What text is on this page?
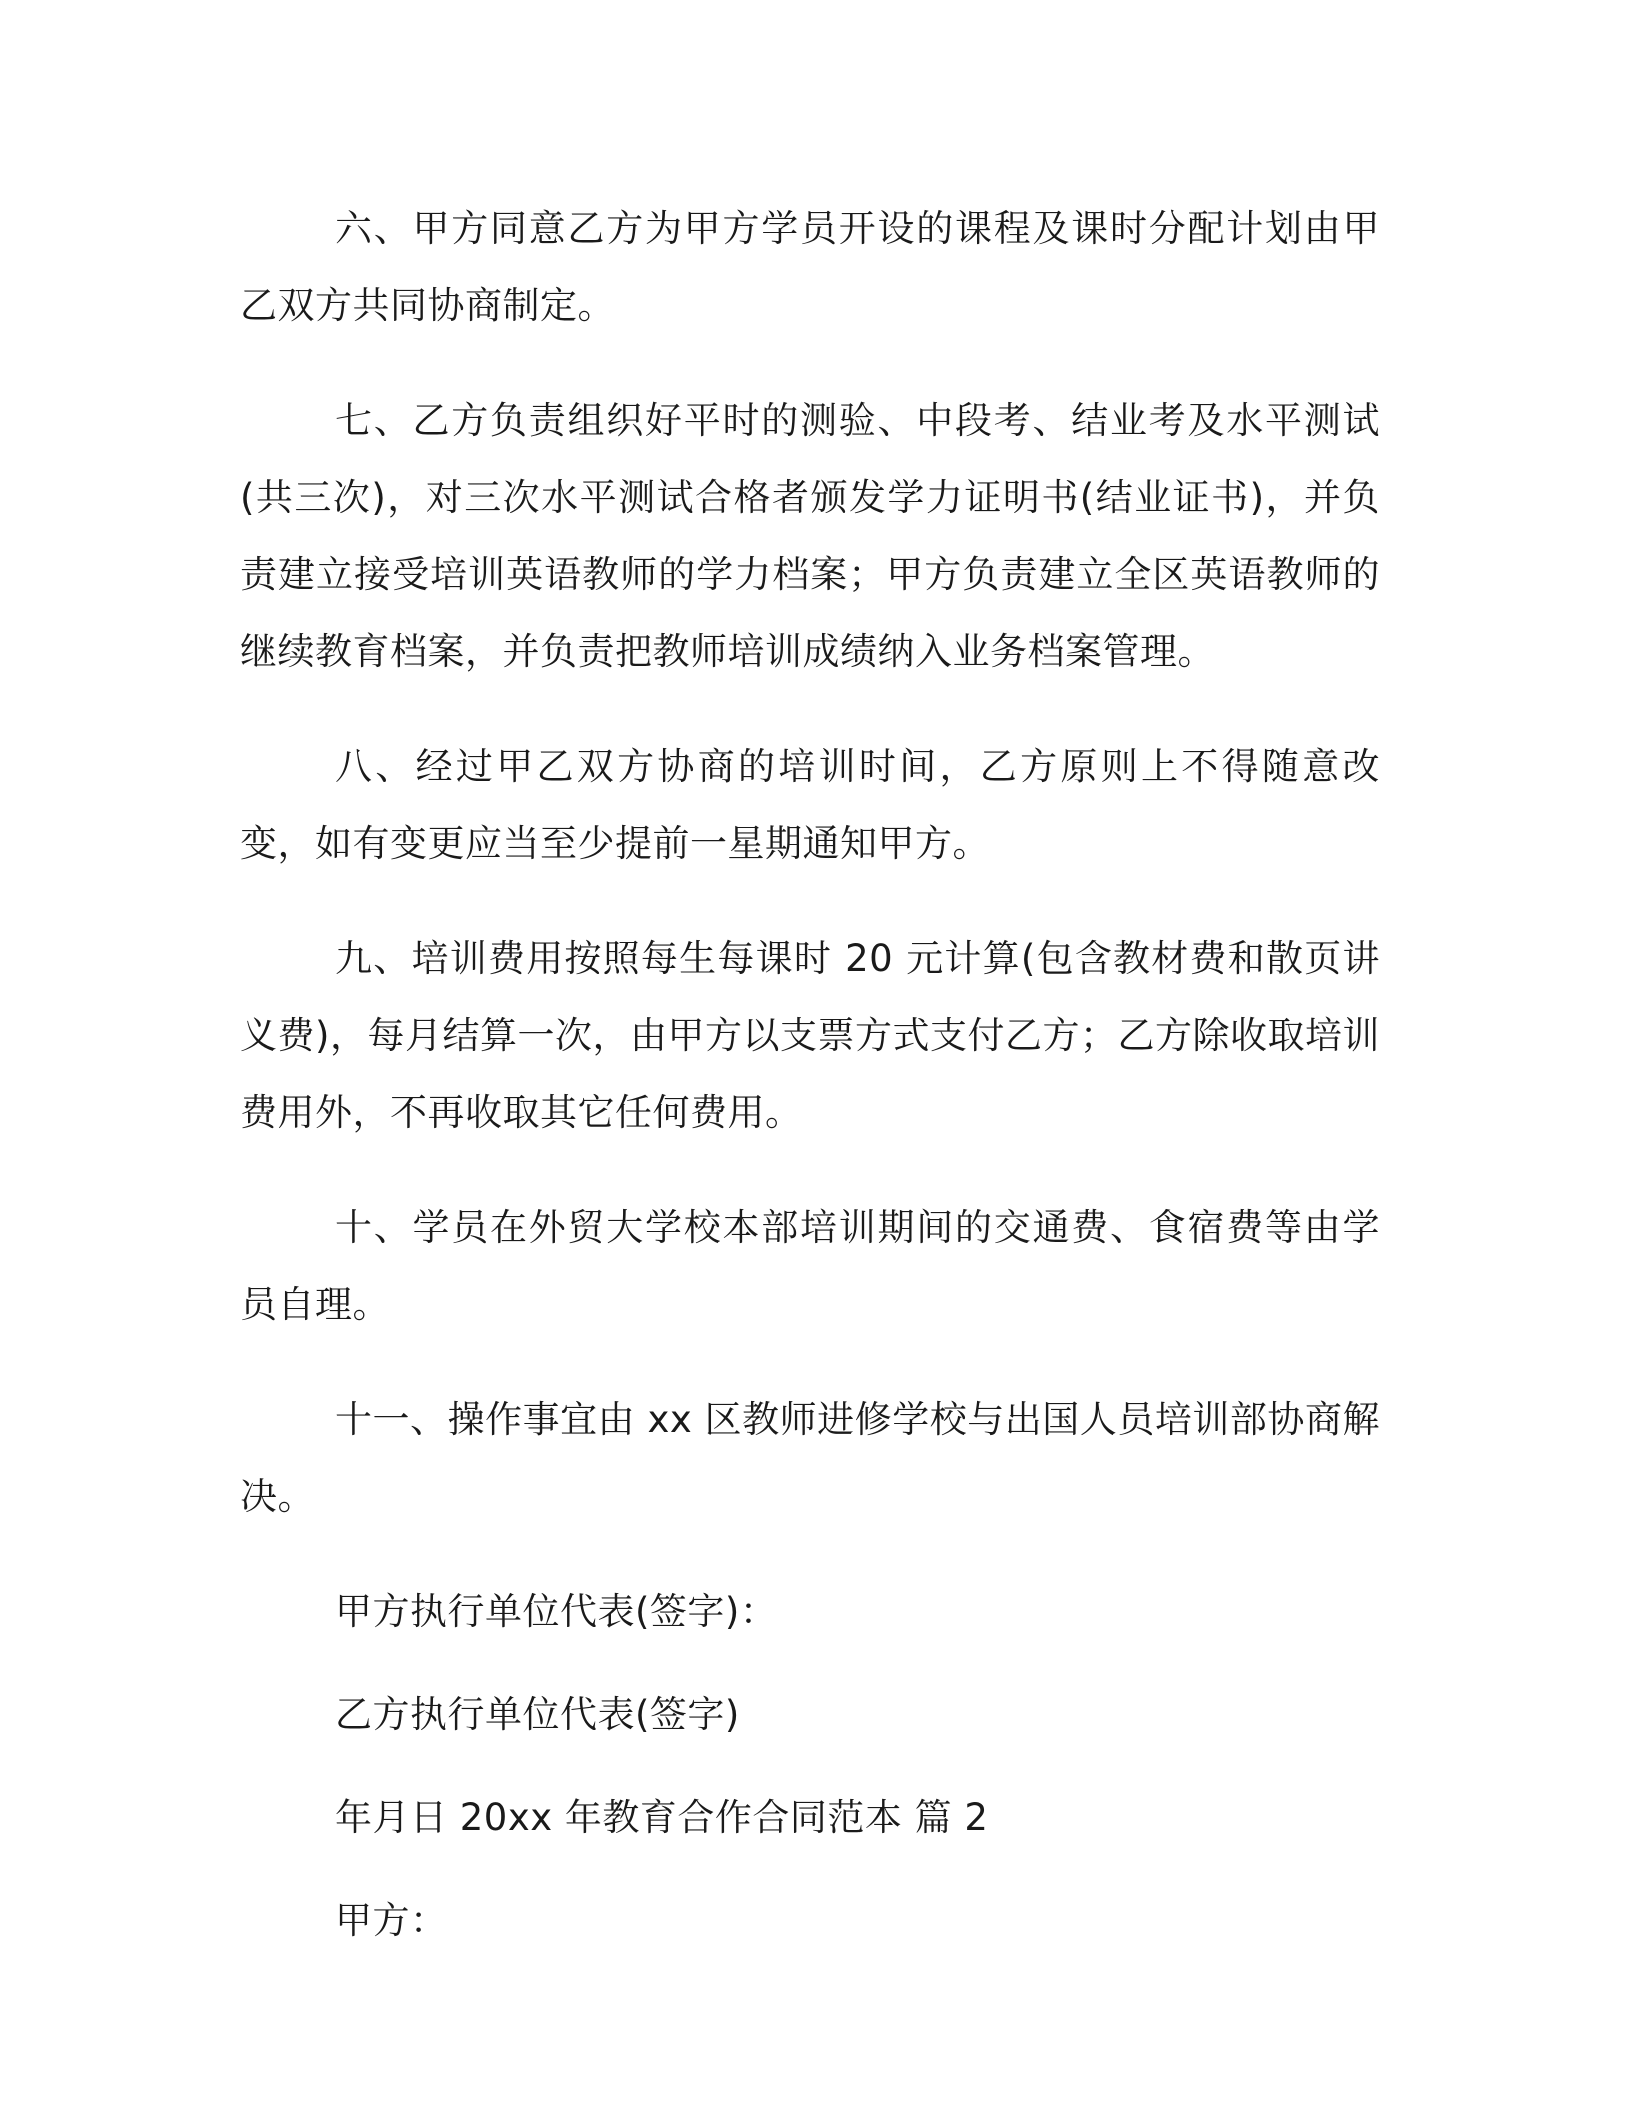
六、甲方同意乙方为甲方学员开设的课程及课时分配计划由甲乙双方共同协商制定。

七、乙方负责组织好平时的测验、中段考、结业考及水平测试(共三次)，对三次水平测试合格者颁发学力证明书(结业证书)，并负责建立接受培训英语教师的学力档案；甲方负责建立全区英语教师的继续教育档案，并负责把教师培训成绩纳入业务档案管理。

八、经过甲乙双方协商的培训时间，乙方原则上不得随意改变，如有变更应当至少提前一星期通知甲方。

九、培训费用按照每生每课时 20 元计算(包含教材费和散页讲义费)，每月结算一次，由甲方以支票方式支付乙方；乙方除收取培训费用外，不再收取其它任何费用。

十、学员在外贸大学校本部培训期间的交通费、食宿费等由学员自理。

十一、操作事宜由 xx 区教师进修学校与出国人员培训部协商解决。

甲方执行单位代表(签字)：

乙方执行单位代表(签字)

年月日 20xx 年教育合作合同范本 篇 2

甲方：
